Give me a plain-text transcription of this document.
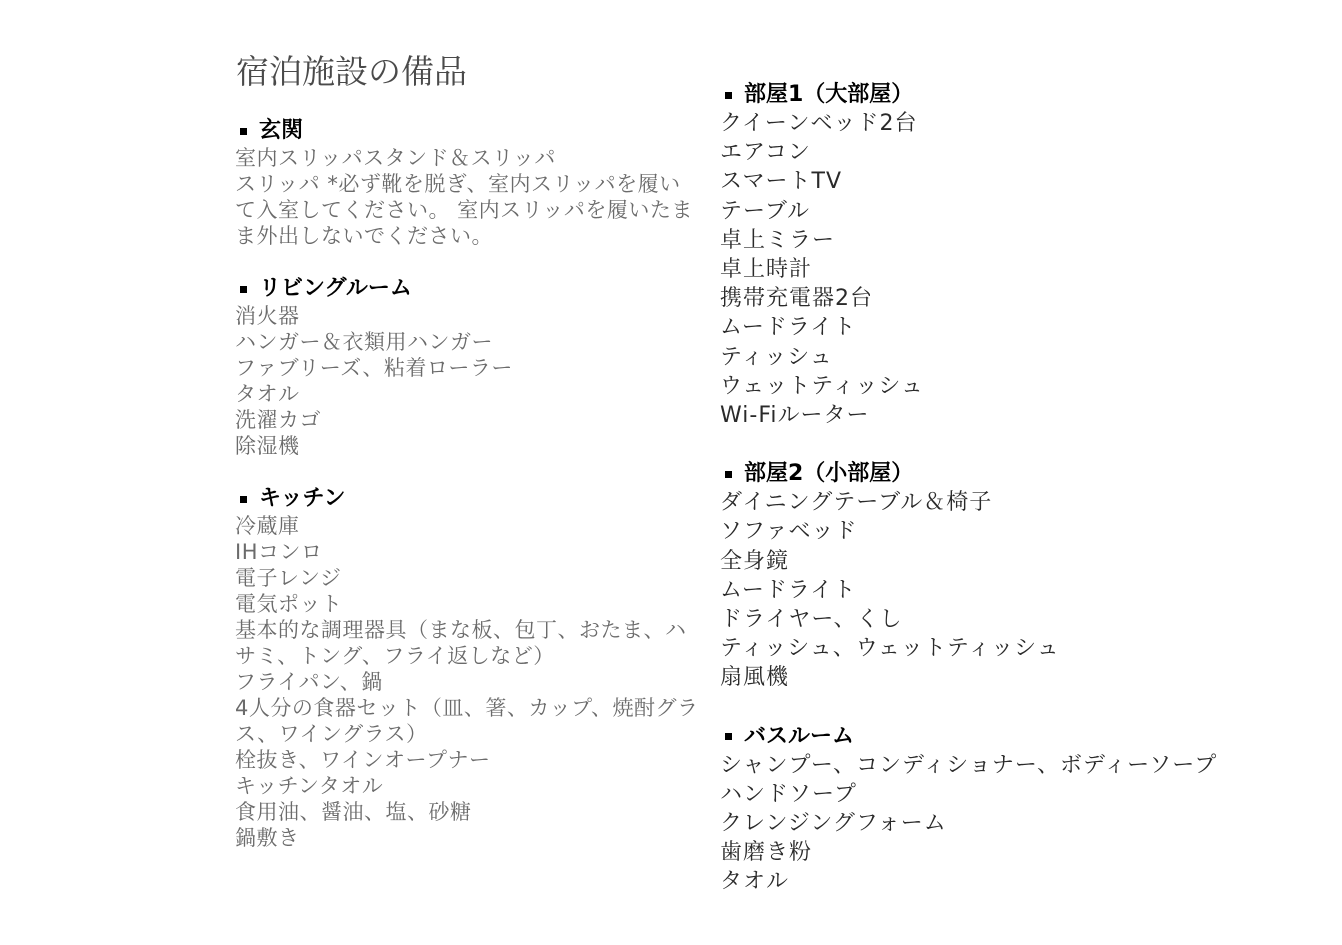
宿泊施設の備品
玄関
室内スリッパスタンド＆スリッパ
スリッパ *必ず靴を脱ぎ、室内スリッパを履いて入室してください。 室内スリッパを履いたまま外出しないでください。
リビングルーム
消火器
ハンガー＆衣類用ハンガー
ファブリーズ、粘着ローラー
タオル
洗濯カゴ
除湿機
キッチン
冷蔵庫
IHコンロ
電子レンジ
電気ポット
基本的な調理器具（まな板、包丁、おたま、ハサミ、トング、フライ返しなど）
フライパン、鍋
4人分の食器セット（皿、箸、カップ、焼酎グラス、ワイングラス）
栓抜き、ワインオープナー
キッチンタオル
食用油、醤油、塩、砂糖
鍋敷き
部屋1（大部屋）
クイーンベッド2台
エアコン
スマートTV
テーブル
卓上ミラー
卓上時計
携帯充電器2台
ムードライト
ティッシュ
ウェットティッシュ
Wi-Fiルーター
部屋2（小部屋）
ダイニングテーブル＆椅子
ソファベッド
全身鏡
ムードライト
ドライヤー、くし
ティッシュ、ウェットティッシュ
扇風機
バスルーム
シャンプー、コンディショナー、ボディーソープ
ハンドソープ
クレンジングフォーム
歯磨き粉
タオル
